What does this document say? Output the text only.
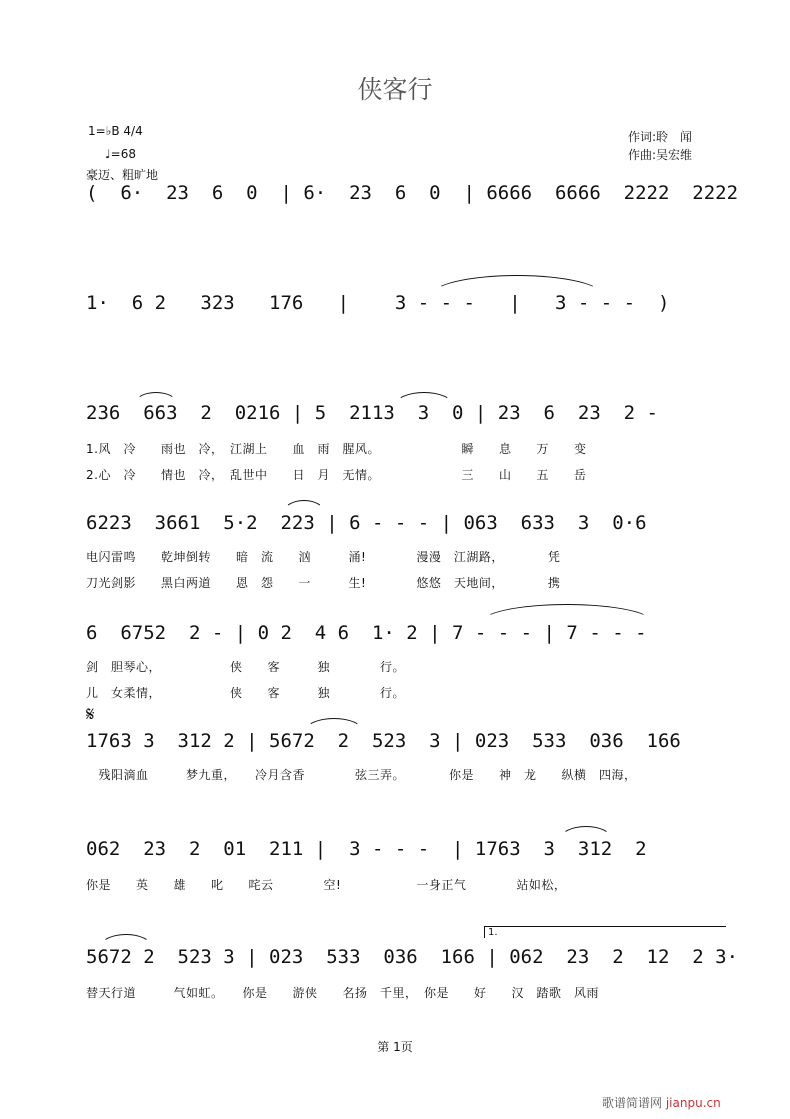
侠客行
1=♭B 4/4
♩=68
豪迈、粗旷地
作词:聆　闻
作曲:吴宏维
(  6·  23  6  0  | 6·  23  6  0  | 6666  6666  2222  2222
1·  6 2   323   176   |    3 - - -   |   3 - - -  )
236  663  2  0216 | 5  2113  3  0 | 23  6  23  2 -
1.风　冷　　雨也　冷，　江湖上　　血　雨　腥风。　　　　　　　瞬　　息　　万　　变
2.心　冷　　情也　冷，　乱世中　　日　月　无情。　　　　　　　三　　山　　五　　岳
6223  3661  5·2  223 | 6 - - - | 063  633  3  0·6
电闪雷鸣　　乾坤倒转　　暗　流　　汹　　　涌!　　　　漫漫　江湖路，　　　　凭
刀光剑影　　黑白两道　　恩　怨　　一　　　生!　　　　悠悠　天地间，　　　　携
6  6752  2 - | 0 2  4 6  1· 2 | 7 - - - | 7 - - -
剑　胆琴心，　　　　　　侠　　客　　　独　　　　行。
儿　女柔情，　　　　　　侠　　客　　　独　　　　行。
𝄋
1763 3  312 2 | 5672  2  523  3 | 023  533  036  166
　残阳滴血　　　梦九重，　　冷月含香　　　　弦三弄。　　　　你是　　神　龙　　纵横　四海，
062  23  2  01  211 |  3 - - -  | 1763  3  312  2
你是　　英　　雄　　叱　　咤云　　　　空!　　　　　　一身正气　　　　站如松，
1.
5672 2  523 3 | 023  533  036  166 | 062  23  2  12  2 3·
替天行道　　　气如虹。　　你是　　游侠　　名扬　千里，　你是　　好　　汉　踏歌　风雨
第 1页
歌谱简谱网 jianpu.cn
